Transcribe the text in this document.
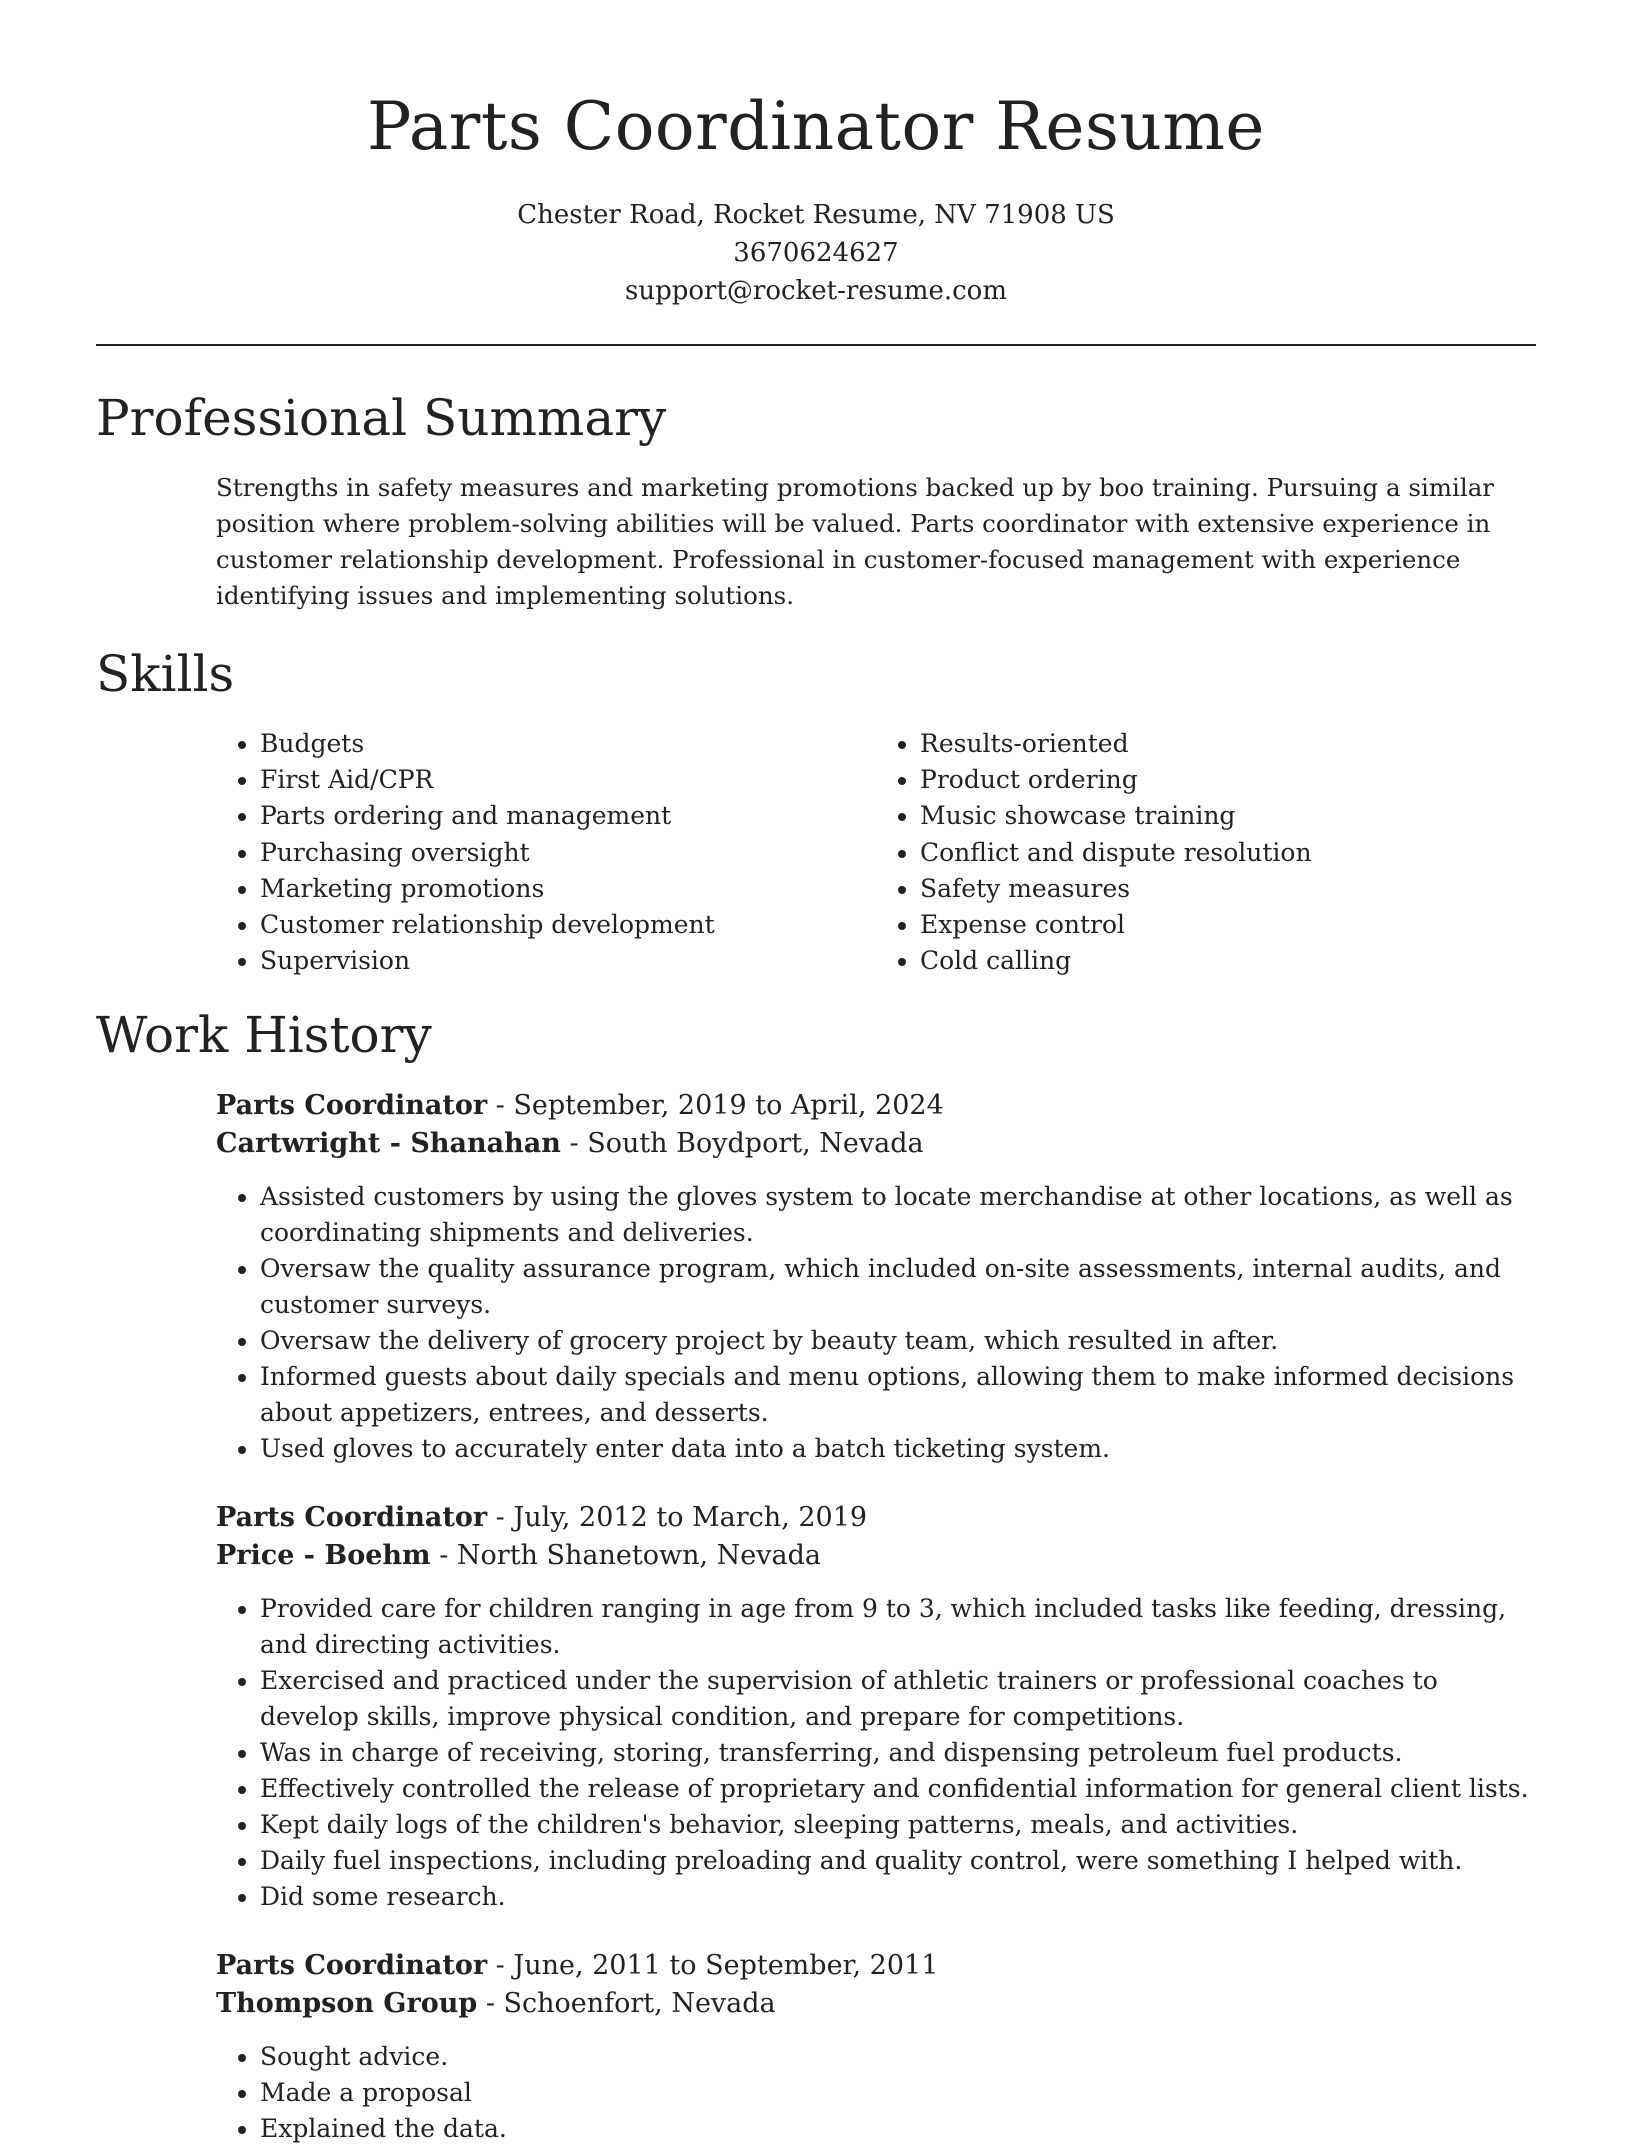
Parts Coordinator Resume
Chester Road, Rocket Resume, NV 71908 US
3670624627
support@rocket-resume.com
Professional Summary
Strengths in safety measures and marketing promotions backed up by boo training. Pursuing a similar position where problem-solving abilities will be valued. Parts coordinator with extensive experience in customer relationship development. Professional in customer-focused management with experience identifying issues and implementing solutions.
Skills
• Budgets
• First Aid/CPR
• Parts ordering and management
• Purchasing oversight
• Marketing promotions
• Customer relationship development
• Supervision
• Results-oriented
• Product ordering
• Music showcase training
• Conflict and dispute resolution
• Safety measures
• Expense control
• Cold calling
Work History
Parts Coordinator - September, 2019 to April, 2024
Cartwright - Shanahan - South Boydport, Nevada
• Assisted customers by using the gloves system to locate merchandise at other locations, as well as coordinating shipments and deliveries.
• Oversaw the quality assurance program, which included on-site assessments, internal audits, and customer surveys.
• Oversaw the delivery of grocery project by beauty team, which resulted in after.
• Informed guests about daily specials and menu options, allowing them to make informed decisions about appetizers, entrees, and desserts.
• Used gloves to accurately enter data into a batch ticketing system.
Parts Coordinator - July, 2012 to March, 2019
Price - Boehm - North Shanetown, Nevada
• Provided care for children ranging in age from 9 to 3, which included tasks like feeding, dressing, and directing activities.
• Exercised and practiced under the supervision of athletic trainers or professional coaches to develop skills, improve physical condition, and prepare for competitions.
• Was in charge of receiving, storing, transferring, and dispensing petroleum fuel products.
• Effectively controlled the release of proprietary and confidential information for general client lists.
• Kept daily logs of the children's behavior, sleeping patterns, meals, and activities.
• Daily fuel inspections, including preloading and quality control, were something I helped with.
• Did some research.
Parts Coordinator - June, 2011 to September, 2011
Thompson Group - Schoenfort, Nevada
• Sought advice.
• Made a proposal
• Explained the data.
